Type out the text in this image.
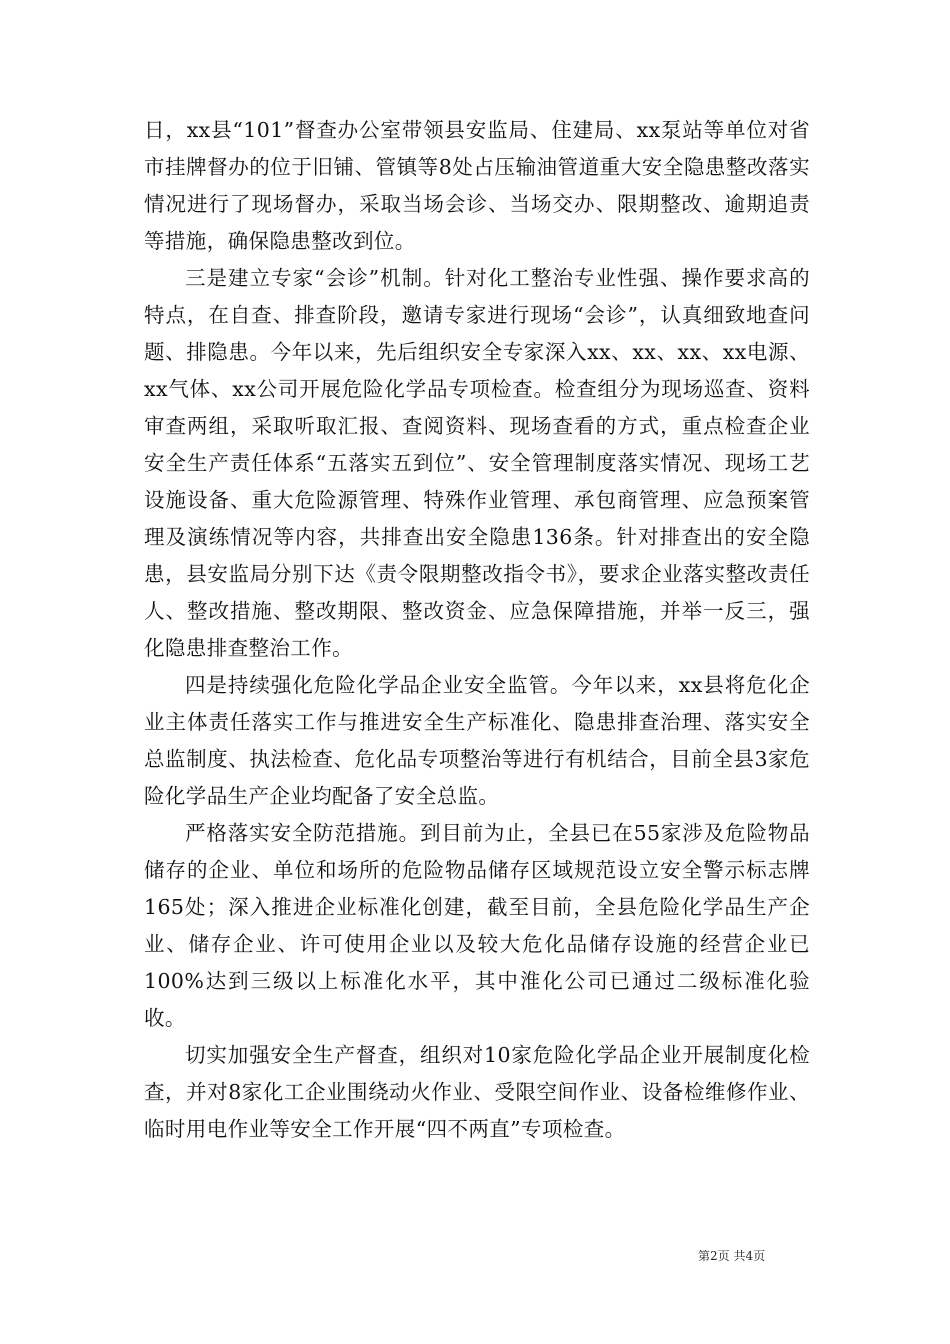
日，xx县“101”督查办公室带领县安监局、住建局、xx泵站等单位对省市挂牌督办的位于旧铺、管镇等8处占压输油管道重大安全隐患整改落实情况进行了现场督办，采取当场会诊、当场交办、限期整改、逾期追责等措施，确保隐患整改到位。

三是建立专家“会诊”机制。针对化工整治专业性强、操作要求高的特点，在自查、排查阶段，邀请专家进行现场“会诊”，认真细致地查问题、排隐患。今年以来，先后组织安全专家深入xx、xx、xx、xx电源、xx气体、xx公司开展危险化学品专项检查。检查组分为现场巡查、资料审查两组，采取听取汇报、查阅资料、现场查看的方式，重点检查企业安全生产责任体系“五落实五到位”、安全管理制度落实情况、现场工艺设施设备、重大危险源管理、特殊作业管理、承包商管理、应急预案管理及演练情况等内容，共排查出安全隐患136条。针对排查出的安全隐患，县安监局分别下达《责令限期整改指令书》，要求企业落实整改责任人、整改措施、整改期限、整改资金、应急保障措施，并举一反三，强化隐患排查整治工作。

四是持续强化危险化学品企业安全监管。今年以来，xx县将危化企业主体责任落实工作与推进安全生产标准化、隐患排查治理、落实安全总监制度、执法检查、危化品专项整治等进行有机结合，目前全县3家危险化学品生产企业均配备了安全总监。

严格落实安全防范措施。到目前为止，全县已在55家涉及危险物品储存的企业、单位和场所的危险物品储存区域规范设立安全警示标志牌165处；深入推进企业标准化创建，截至目前，全县危险化学品生产企业、储存企业、许可使用企业以及较大危化品储存设施的经营企业已100%达到三级以上标准化水平，其中淮化公司已通过二级标准化验收。

切实加强安全生产督查，组织对10家危险化学品企业开展制度化检查，并对8家化工企业围绕动火作业、受限空间作业、设备检维修作业、临时用电作业等安全工作开展“四不两直”专项检查。

第2页 共4页
